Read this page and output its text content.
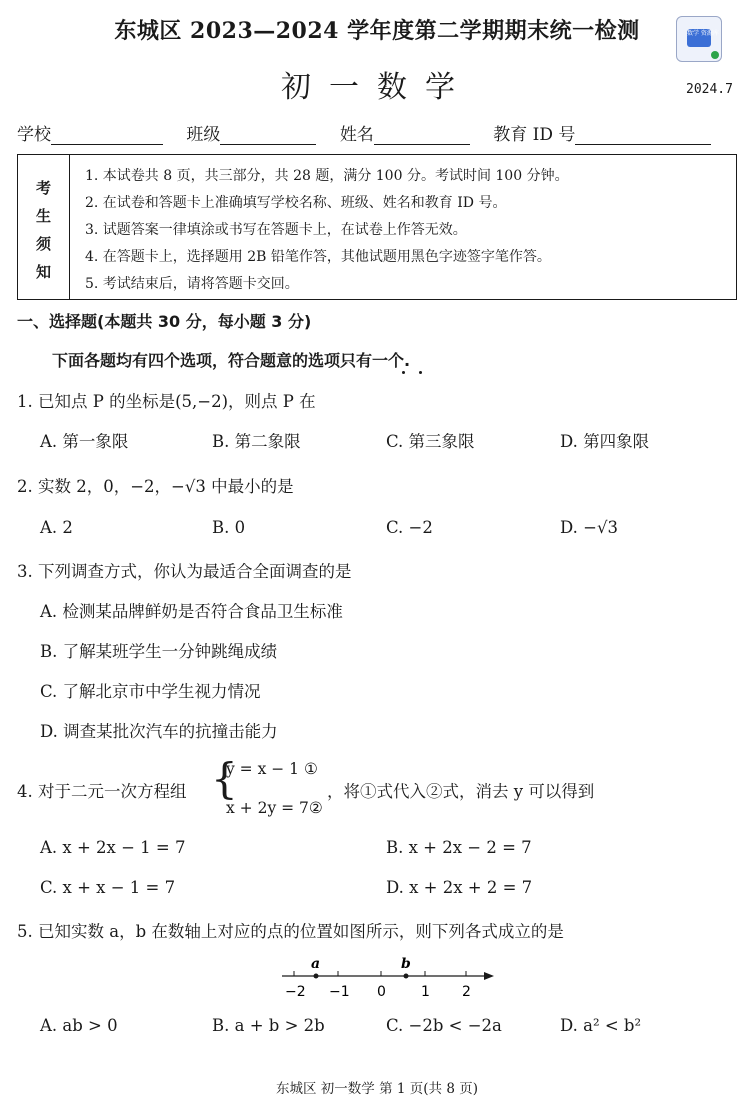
东城区 2023—2024 学年度第二学期期末统一检测	数学 资源库
初一数学	2024.7
学校	班级	姓名	教育 ID 号
考
生
须
知
1. 本试卷共 8 页，共三部分，共 28 题，满分 100 分。考试时间 100 分钟。
2. 在试卷和答题卡上准确填写学校名称、班级、姓名和教育 ID 号。
3. 试题答案一律填涂或书写在答题卡上，在试卷上作答无效。
4. 在答题卡上，选择题用 2B 铅笔作答，其他试题用黑色字迹签字笔作答。
5. 考试结束后，请将答题卡交回。
一、选择题(本题共 30 分，每小题 3 分)
下面各题均有四个选项，符合题意的选项只有一个.
1. 已知点 P 的坐标是(5,−2)，则点 P 在
A. 第一象限	B. 第二象限	C. 第三象限	D. 第四象限
2. 实数 2，0，−2，−√3 中最小的是
A. 2	B. 0	C. −2	D. −√3
3. 下列调查方式，你认为最适合全面调查的是
A. 检测某品牌鲜奶是否符合食品卫生标准
B. 了解某班学生一分钟跳绳成绩
C. 了解北京市中学生视力情况
D. 调查某批次汽车的抗撞击能力
4. 对于二元一次方程组 {
y = x − 1 ①
x + 2y = 7②
，将①式代入②式，消去 y 可以得到
A. x + 2x − 1 = 7	B. x + 2x − 2 = 7
C. x + x − 1 = 7	D. x + 2x + 2 = 7
5. 已知实数 a，b 在数轴上对应的点的位置如图所示，则下列各式成立的是
a	b
−2 −1 0	1 2
A. ab > 0	B. a + b > 2b	C. −2b < −2a	D. a² < b²
东城区 初一数学 第 1 页(共 8 页)
